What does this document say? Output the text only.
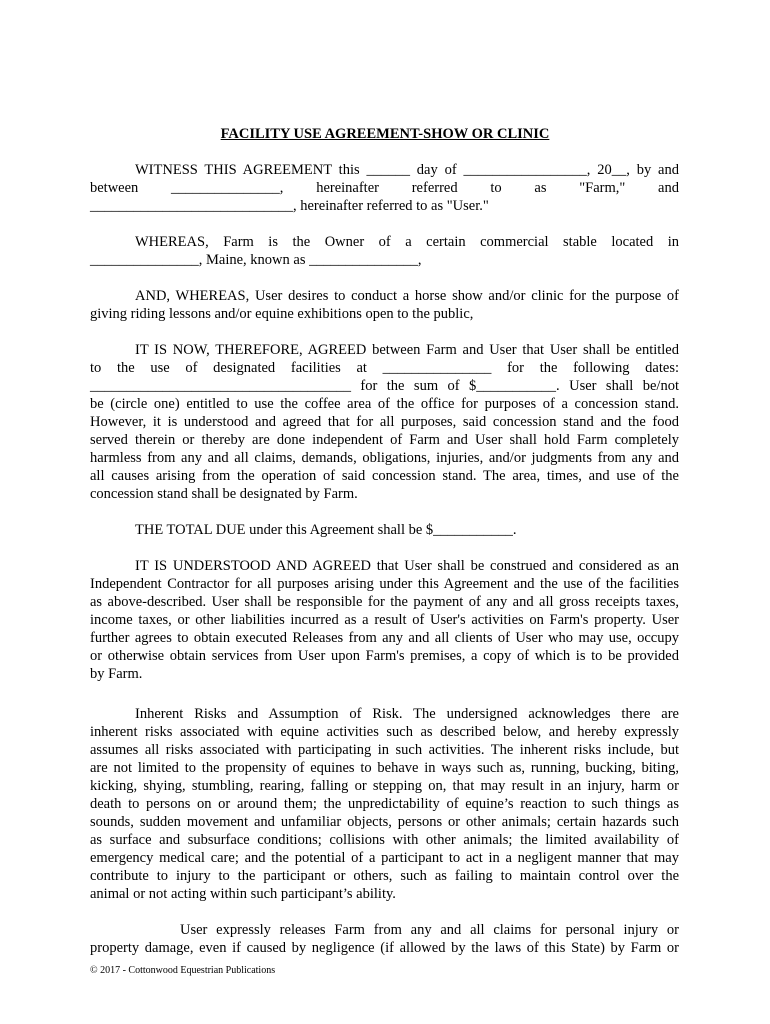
FACILITY USE AGREEMENT-SHOW OR CLINIC
WITNESS THIS AGREEMENT this ______ day of _________________, 20__, by and
between _______________, hereinafter referred to as "Farm," and
____________________________, hereinafter referred to as "User."
WHEREAS, Farm is the Owner of a certain commercial stable located in
_______________, Maine, known as _______________,
AND, WHEREAS, User desires to conduct a horse show and/or clinic for the purpose of
giving riding lessons and/or equine exhibitions open to the public,
IT IS NOW, THEREFORE, AGREED between Farm and User that User shall be entitled
to the use of designated facilities at _______________ for the following dates:
____________________________________ for the sum of $___________. User shall be/not
be (circle one) entitled to use the coffee area of the office for purposes of a concession stand.
However, it is understood and agreed that for all purposes, said concession stand and the food
served therein or thereby are done independent of Farm and User shall hold Farm completely
harmless from any and all claims, demands, obligations, injuries, and/or judgments from any and
all causes arising from the operation of said concession stand. The area, times, and use of the
concession stand shall be designated by Farm.
THE TOTAL DUE under this Agreement shall be $___________.
IT IS UNDERSTOOD AND AGREED that User shall be construed and considered as an
Independent Contractor for all purposes arising under this Agreement and the use of the facilities
as above-described. User shall be responsible for the payment of any and all gross receipts taxes,
income taxes, or other liabilities incurred as a result of User's activities on Farm's property. User
further agrees to obtain executed Releases from any and all clients of User who may use, occupy
or otherwise obtain services from User upon Farm's premises, a copy of which is to be provided
by Farm.
Inherent Risks and Assumption of Risk. The undersigned acknowledges there are
inherent risks associated with equine activities such as described below, and hereby expressly
assumes all risks associated with participating in such activities. The inherent risks include, but
are not limited to the propensity of equines to behave in ways such as, running, bucking, biting,
kicking, shying, stumbling, rearing, falling or stepping on, that may result in an injury, harm or
death to persons on or around them; the unpredictability of equine’s reaction to such things as
sounds, sudden movement and unfamiliar objects, persons or other animals; certain hazards such
as surface and subsurface conditions; collisions with other animals; the limited availability of
emergency medical care; and the potential of a participant to act in a negligent manner that may
contribute to injury to the participant or others, such as failing to maintain control over the
animal or not acting within such participant’s ability.
User expressly releases Farm from any and all claims for personal injury or
property damage, even if caused by negligence (if allowed by the laws of this State) by Farm or
© 2017 - Cottonwood Equestrian Publications
